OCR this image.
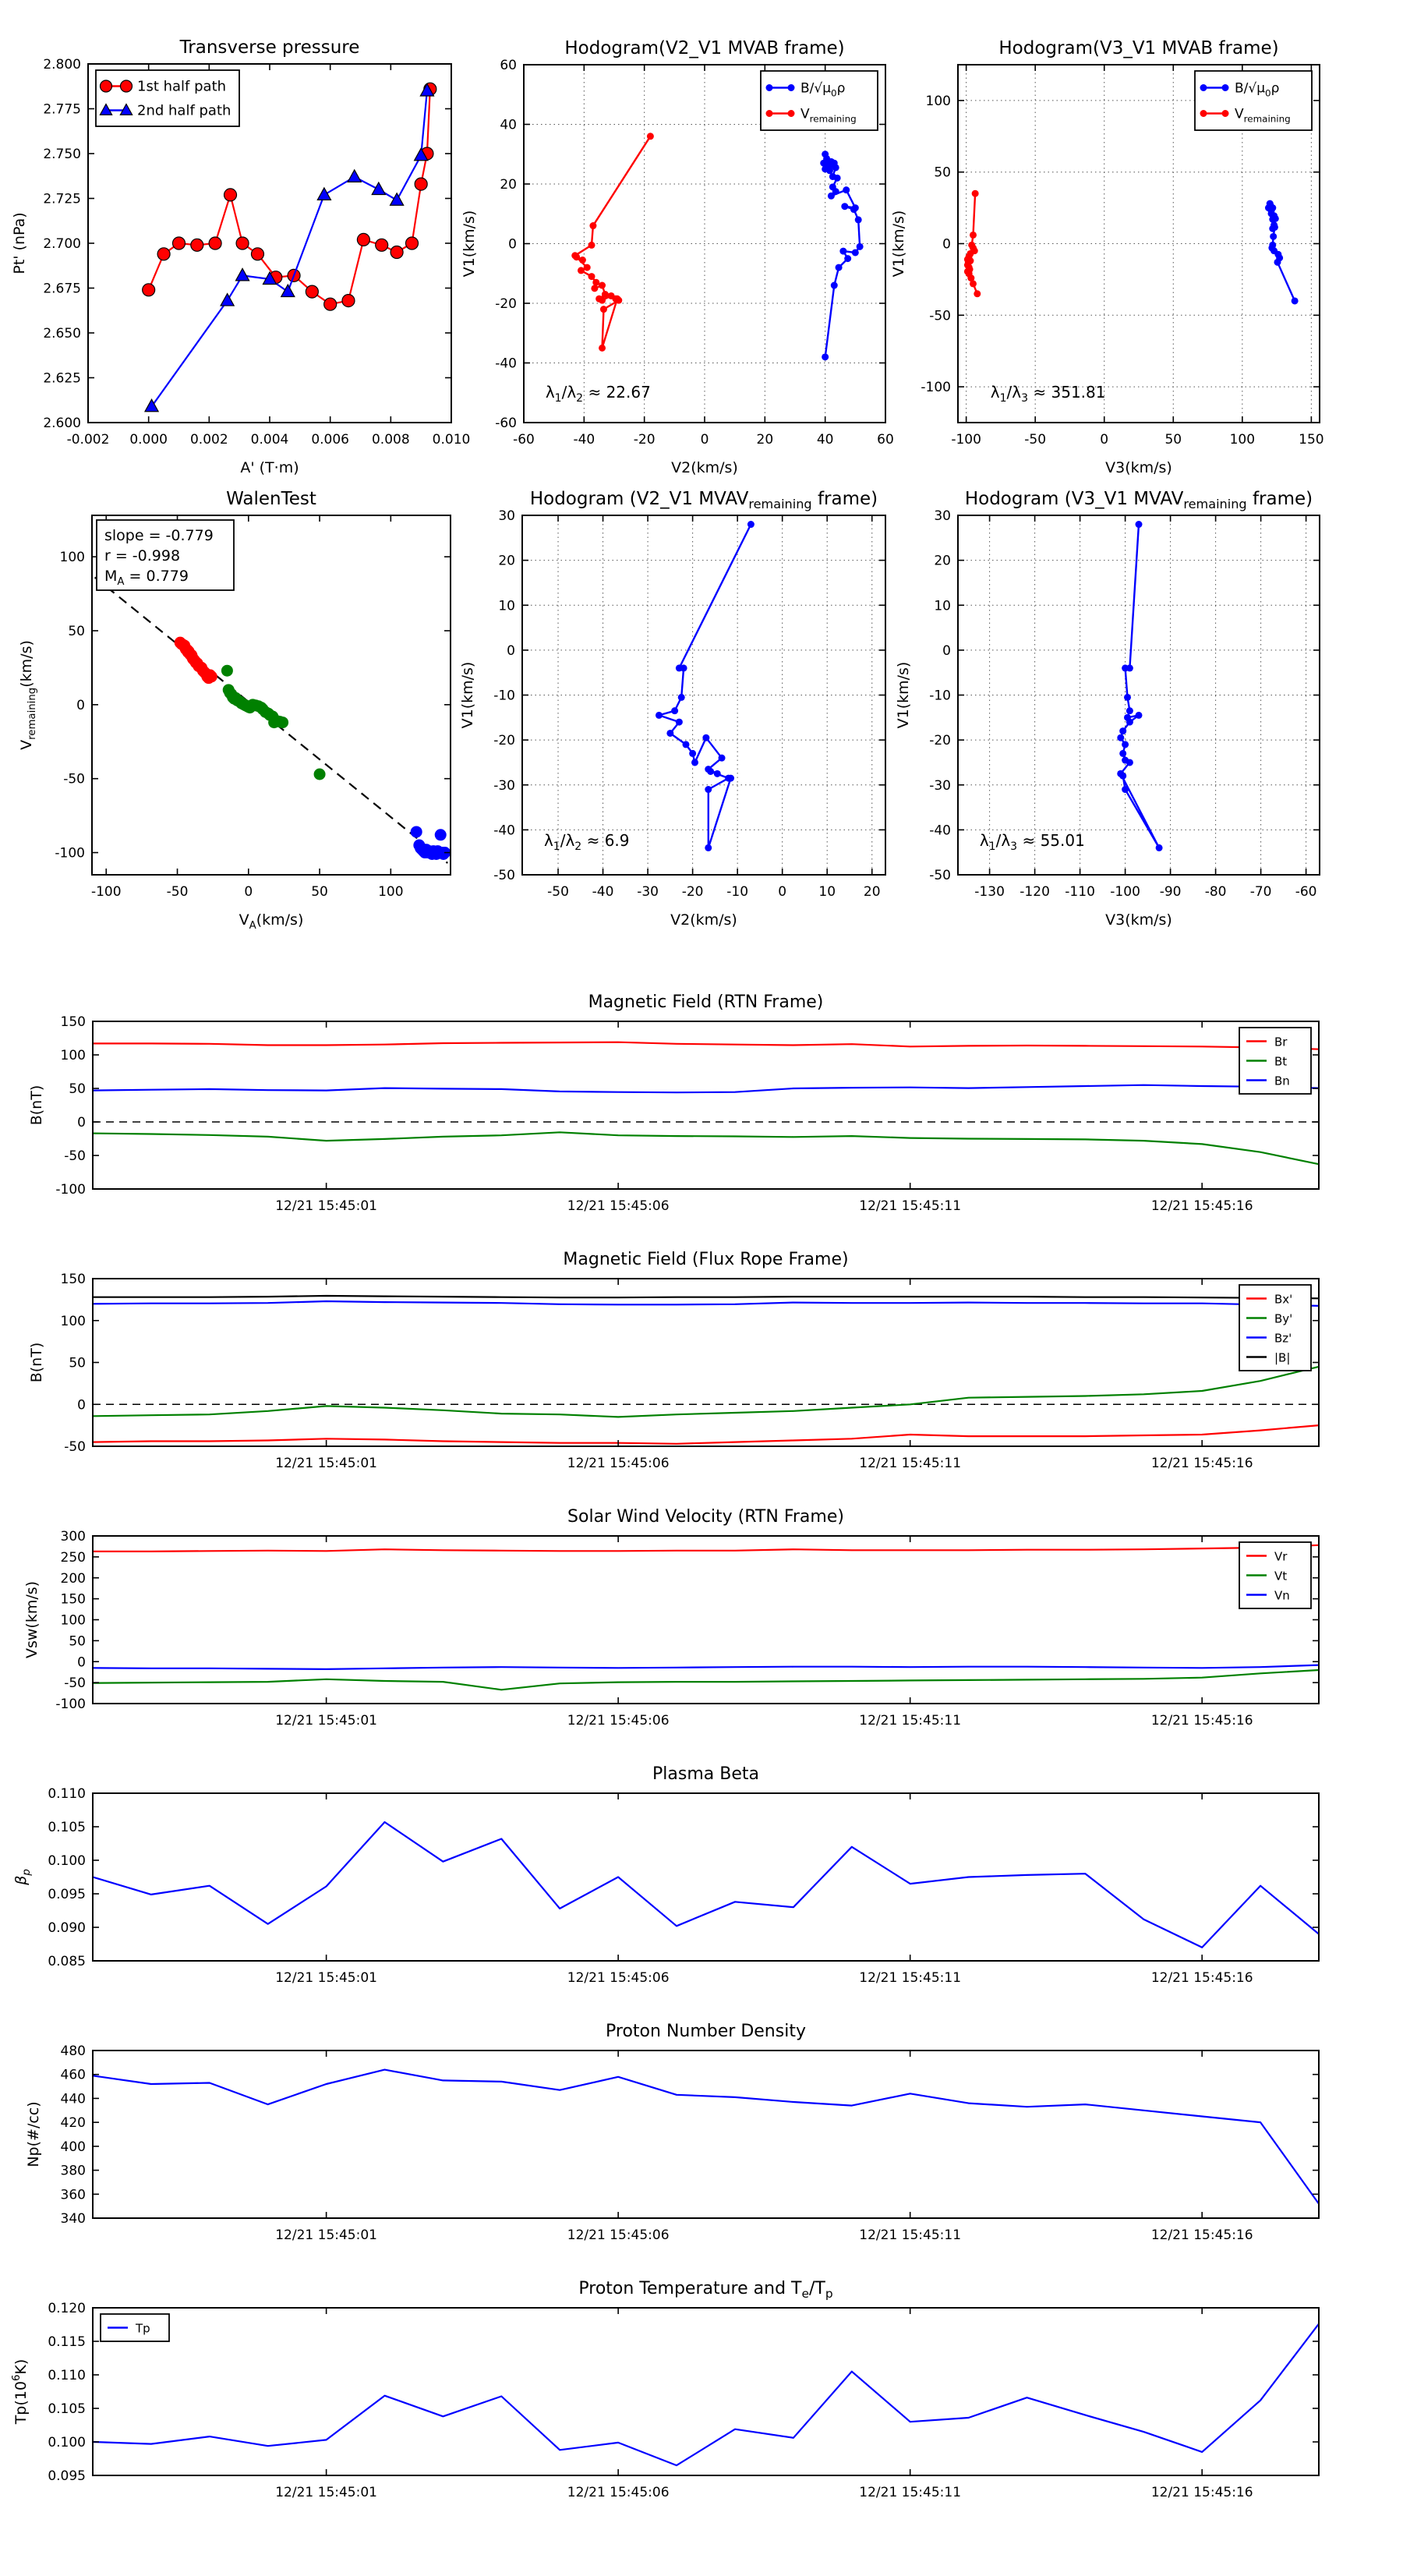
-0.002 0.000 0.002 0.004 0.006 0.008 0.010
2.600
2.625
2.650
2.675
2.700
2.725
2.750
2.775
2.800
Transverse pressure
A' (T·m)
Pt' (nPa)
1st half path
2nd half path
-60	-40	-20	0	20	40	60
-60
-40
-20
0
20
40
60
Hodogram(V2_V1 MVAB frame)
V2(km/s)
V1(km/s)
$\lambda_1/\lambda_2 \approx 22.67$
$B/√\mu_0\rho$
$V_{remaining}$
-100	-50	0	50	100	150
-100
-50
0
50
100
Hodogram(V3_V1 MVAB frame)
V3(km/s)
V1(km/s)
$\lambda_1/\lambda_3 \approx 351.81$
$B/√\mu_0\rho$
$V_{remaining}$
-100	-50	0	50	100
-100
-50
0
50
100
WalenTest
$V_A(km/s)$
$V_{remaining}(km/s)$
slope = -0.779
r = -0.998
$M_A = 0.779$
-50 -40 -30 -20 -10 0 10 20
-50
-40
-30
-20
-10
0
10
20
30
Hodogram (V2_V1 $MVAV_{remaining}$ frame)
V2(km/s)
V1(km/s)
$\lambda_1/\lambda_2 \approx 6.9$
-130 -120 -110 -100 -90 -80 -70 -60
-50
-40
-30
-20
-10
0
10
20
30
Hodogram (V3_V1 $MVAV_{remaining}$ frame)
V3(km/s)
V1(km/s)
$\lambda_1/\lambda_3 \approx 55.01$
12/21 15:45:01	12/21 15:45:06	12/21 15:45:11	12/21 15:45:16
-100
-50
0
50
100
150
Magnetic Field (RTN Frame)
B(nT)
Br
Bt
Bn
12/21 15:45:01	12/21 15:45:06	12/21 15:45:11	12/21 15:45:16
-50
0
50
100
150
Magnetic Field (Flux Rope Frame)
B(nT)
Bx'
By'
Bz'
|B|
12/21 15:45:01	12/21 15:45:06	12/21 15:45:11	12/21 15:45:16
-100
-50
0
50
100
150
200
250
300
Solar Wind Velocity (RTN Frame)
Vsw(km/s)
Vr
Vt
Vn
12/21 15:45:01	12/21 15:45:06	12/21 15:45:11	12/21 15:45:16
0.085
0.090
0.095
0.100
0.105
0.110
Plasma Beta
$\beta_p$
12/21 15:45:01	12/21 15:45:06	12/21 15:45:11	12/21 15:45:16
340
360
380
400
420
440
460
480
Proton Number Density
Np(#/cc)
12/21 15:45:01	12/21 15:45:06	12/21 15:45:11	12/21 15:45:16
0.095
0.100
0.105
0.110
0.115
0.120
Proton Temperature and $T_e/T_p$
$Tp(10^6K)$
Tp
